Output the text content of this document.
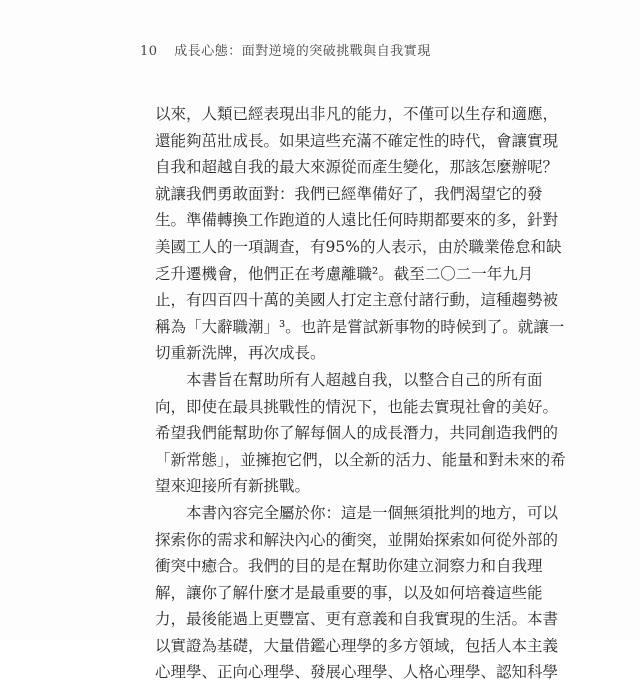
10 成長心態：面對逆境的突破挑戰與自我實現
以來，人類已經表現出非凡的能力，不僅可以生存和適應，
還能夠茁壯成長。如果這些充滿不確定性的時代，會讓實現
自我和超越自我的最大來源從而產生變化，那該怎麼辦呢？
就讓我們勇敢面對：我們已經準備好了，我們渴望它的發
生。準備轉換工作跑道的人遠比任何時期都要來的多，針對
美國工人的一項調查，有95%的人表示，由於職業倦怠和缺
乏升遷機會，他們正在考慮離職²。截至二〇二一年九月
止，有四百四十萬的美國人打定主意付諸行動，這種趨勢被
稱為「大辭職潮」³。也許是嘗試新事物的時候到了。就讓一
切重新洗牌，再次成長。
本書旨在幫助所有人超越自我，以整合自己的所有面
向，即使在最具挑戰性的情況下，也能去實現社會的美好。
希望我們能幫助你了解每個人的成長潛力，共同創造我們的
「新常態」，並擁抱它們，以全新的活力、能量和對未來的希
望來迎接所有新挑戰。
本書內容完全屬於你：這是一個無須批判的地方，可以
探索你的需求和解決內心的衝突，並開始探索如何從外部的
衝突中癒合。我們的目的是在幫助你建立洞察力和自我理
解，讓你了解什麼才是最重要的事，以及如何培養這些能
力，最後能過上更豐富、更有意義和自我實現的生活。本書
以實證為基礎，大量借鑑心理學的多方領域，包括人本主義
心理學、正向心理學、發展心理學、人格心理學、認知科學
